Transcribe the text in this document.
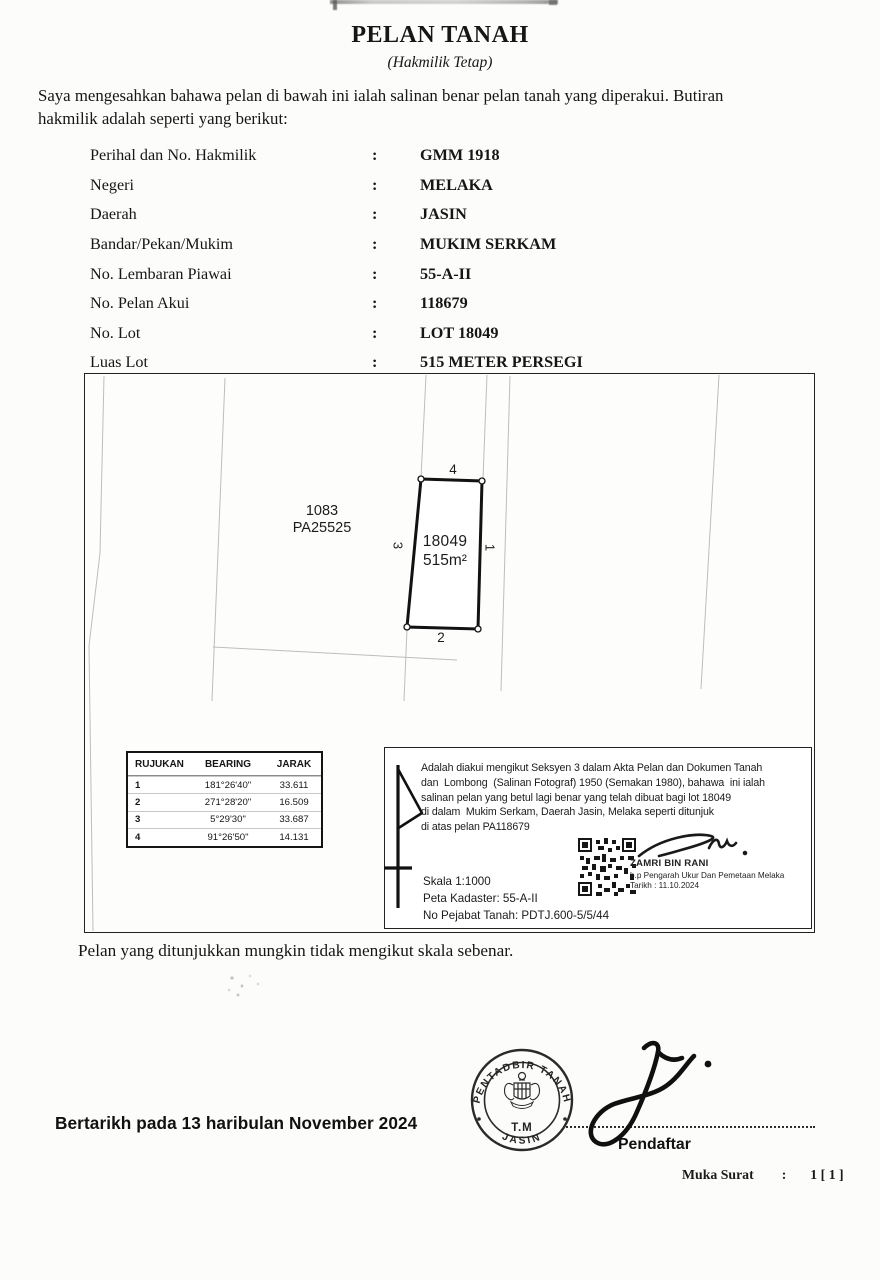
PELAN TANAH
(Hakmilik Tetap)
Saya mengesahkan bahawa pelan di bawah ini ialah salinan benar pelan tanah yang diperakui. Butiran
hakmilik adalah seperti yang berikut:
Perihal dan No. Hakmilik	:	GMM 1918
Negeri	:	MELAKA
Daerah	:	JASIN
Bandar/Pekan/Mukim	:	MUKIM SERKAM
No. Lembaran Piawai	:	55-A-II
No. Pelan Akui	:	118679
No. Lot	:	LOT 18049
Luas Lot	:	515 METER PERSEGI
4
2
3	1
18049
515m²
1083
PA25525
RUJUKAN	BEARING	JARAK
1	181°26'40"	33.611
2	271°28'20"	16.509
3	5°29'30"	33.687
4	91°26'50"	14.131
Adalah diakui mengikut Seksyen 3 dalam Akta Pelan dan Dokumen Tanah
dan  Lombong  (Salinan Fotograf) 1950 (Semakan 1980), bahawa  ini ialah
salinan pelan yang betul lagi benar yang telah dibuat bagi lot 18049
di dalam  Mukim Serkam, Daerah Jasin, Melaka seperti ditunjuk
di atas pelan PA118679
Skala 1:1000
Peta Kadaster: 55-A-II
No Pejabat Tanah: PDTJ.600-5/5/44
ZAMRI BIN RANI
b.p Pengarah Ukur Dan Pemetaan Melaka
Tarikh : 11.10.2024
Pelan yang ditunjukkan mungkin tidak mengikut skala sebenar.
Bertarikh pada 13 haribulan November 2024
PENTADBIR TANAH
JASIN
T.M
Pendaftar
Muka Surat : 1 [ 1 ]
